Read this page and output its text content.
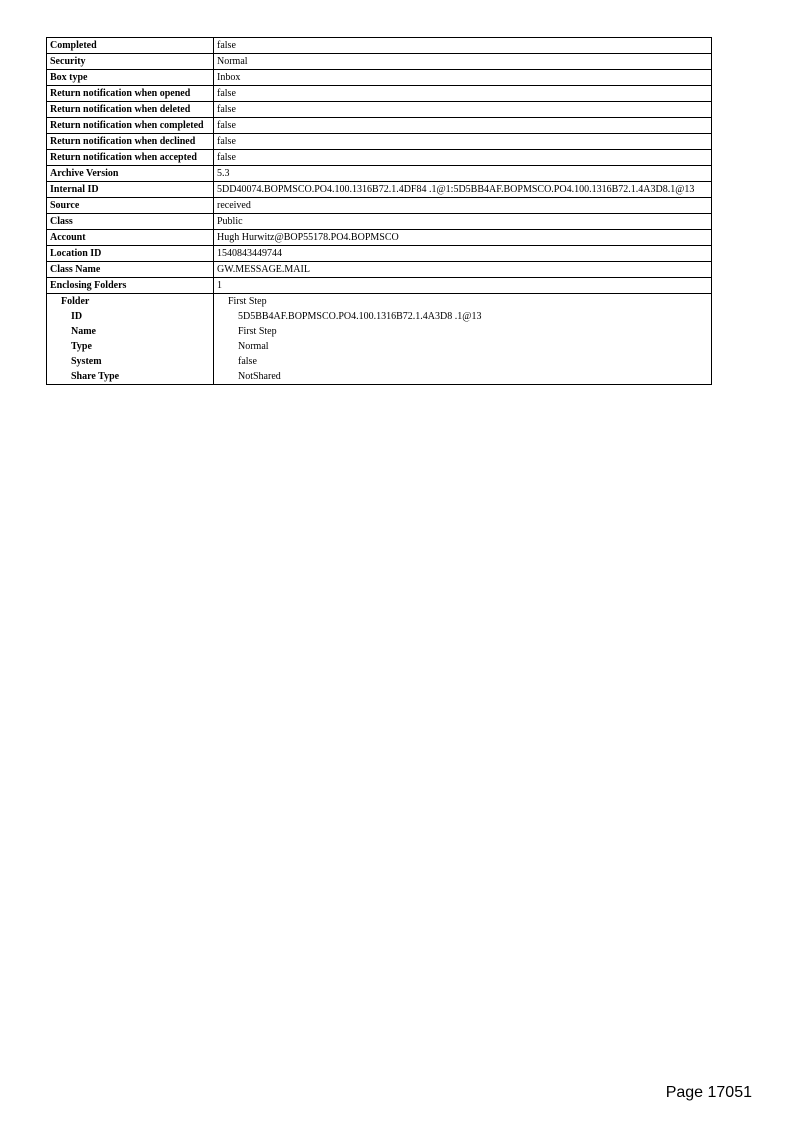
Completed	false
Security	Normal
Box type	Inbox
Return notification when opened	false
Return notification when deleted	false
Return notification when completed	false
Return notification when declined	false
Return notification when accepted	false
Archive Version	5.3
Internal ID	5DD40074.BOPMSCO.PO4.100.1316B72.1.4DF84 .1@1:5D5BB4AF.BOPMSCO.PO4.100.1316B72.1.4A3D8.1@13
Source	received
Class	Public
Account	Hugh Hurwitz@BOP55178.PO4.BOPMSCO
Location ID	1540843449744
Class Name	GW.MESSAGE.MAIL
Enclosing Folders	1
Folder	First Step
ID	5D5BB4AF.BOPMSCO.PO4.100.1316B72.1.4A3D8 .1@13
Name	First Step
Type	Normal
System	false
Share Type	NotShared
Page 17051
